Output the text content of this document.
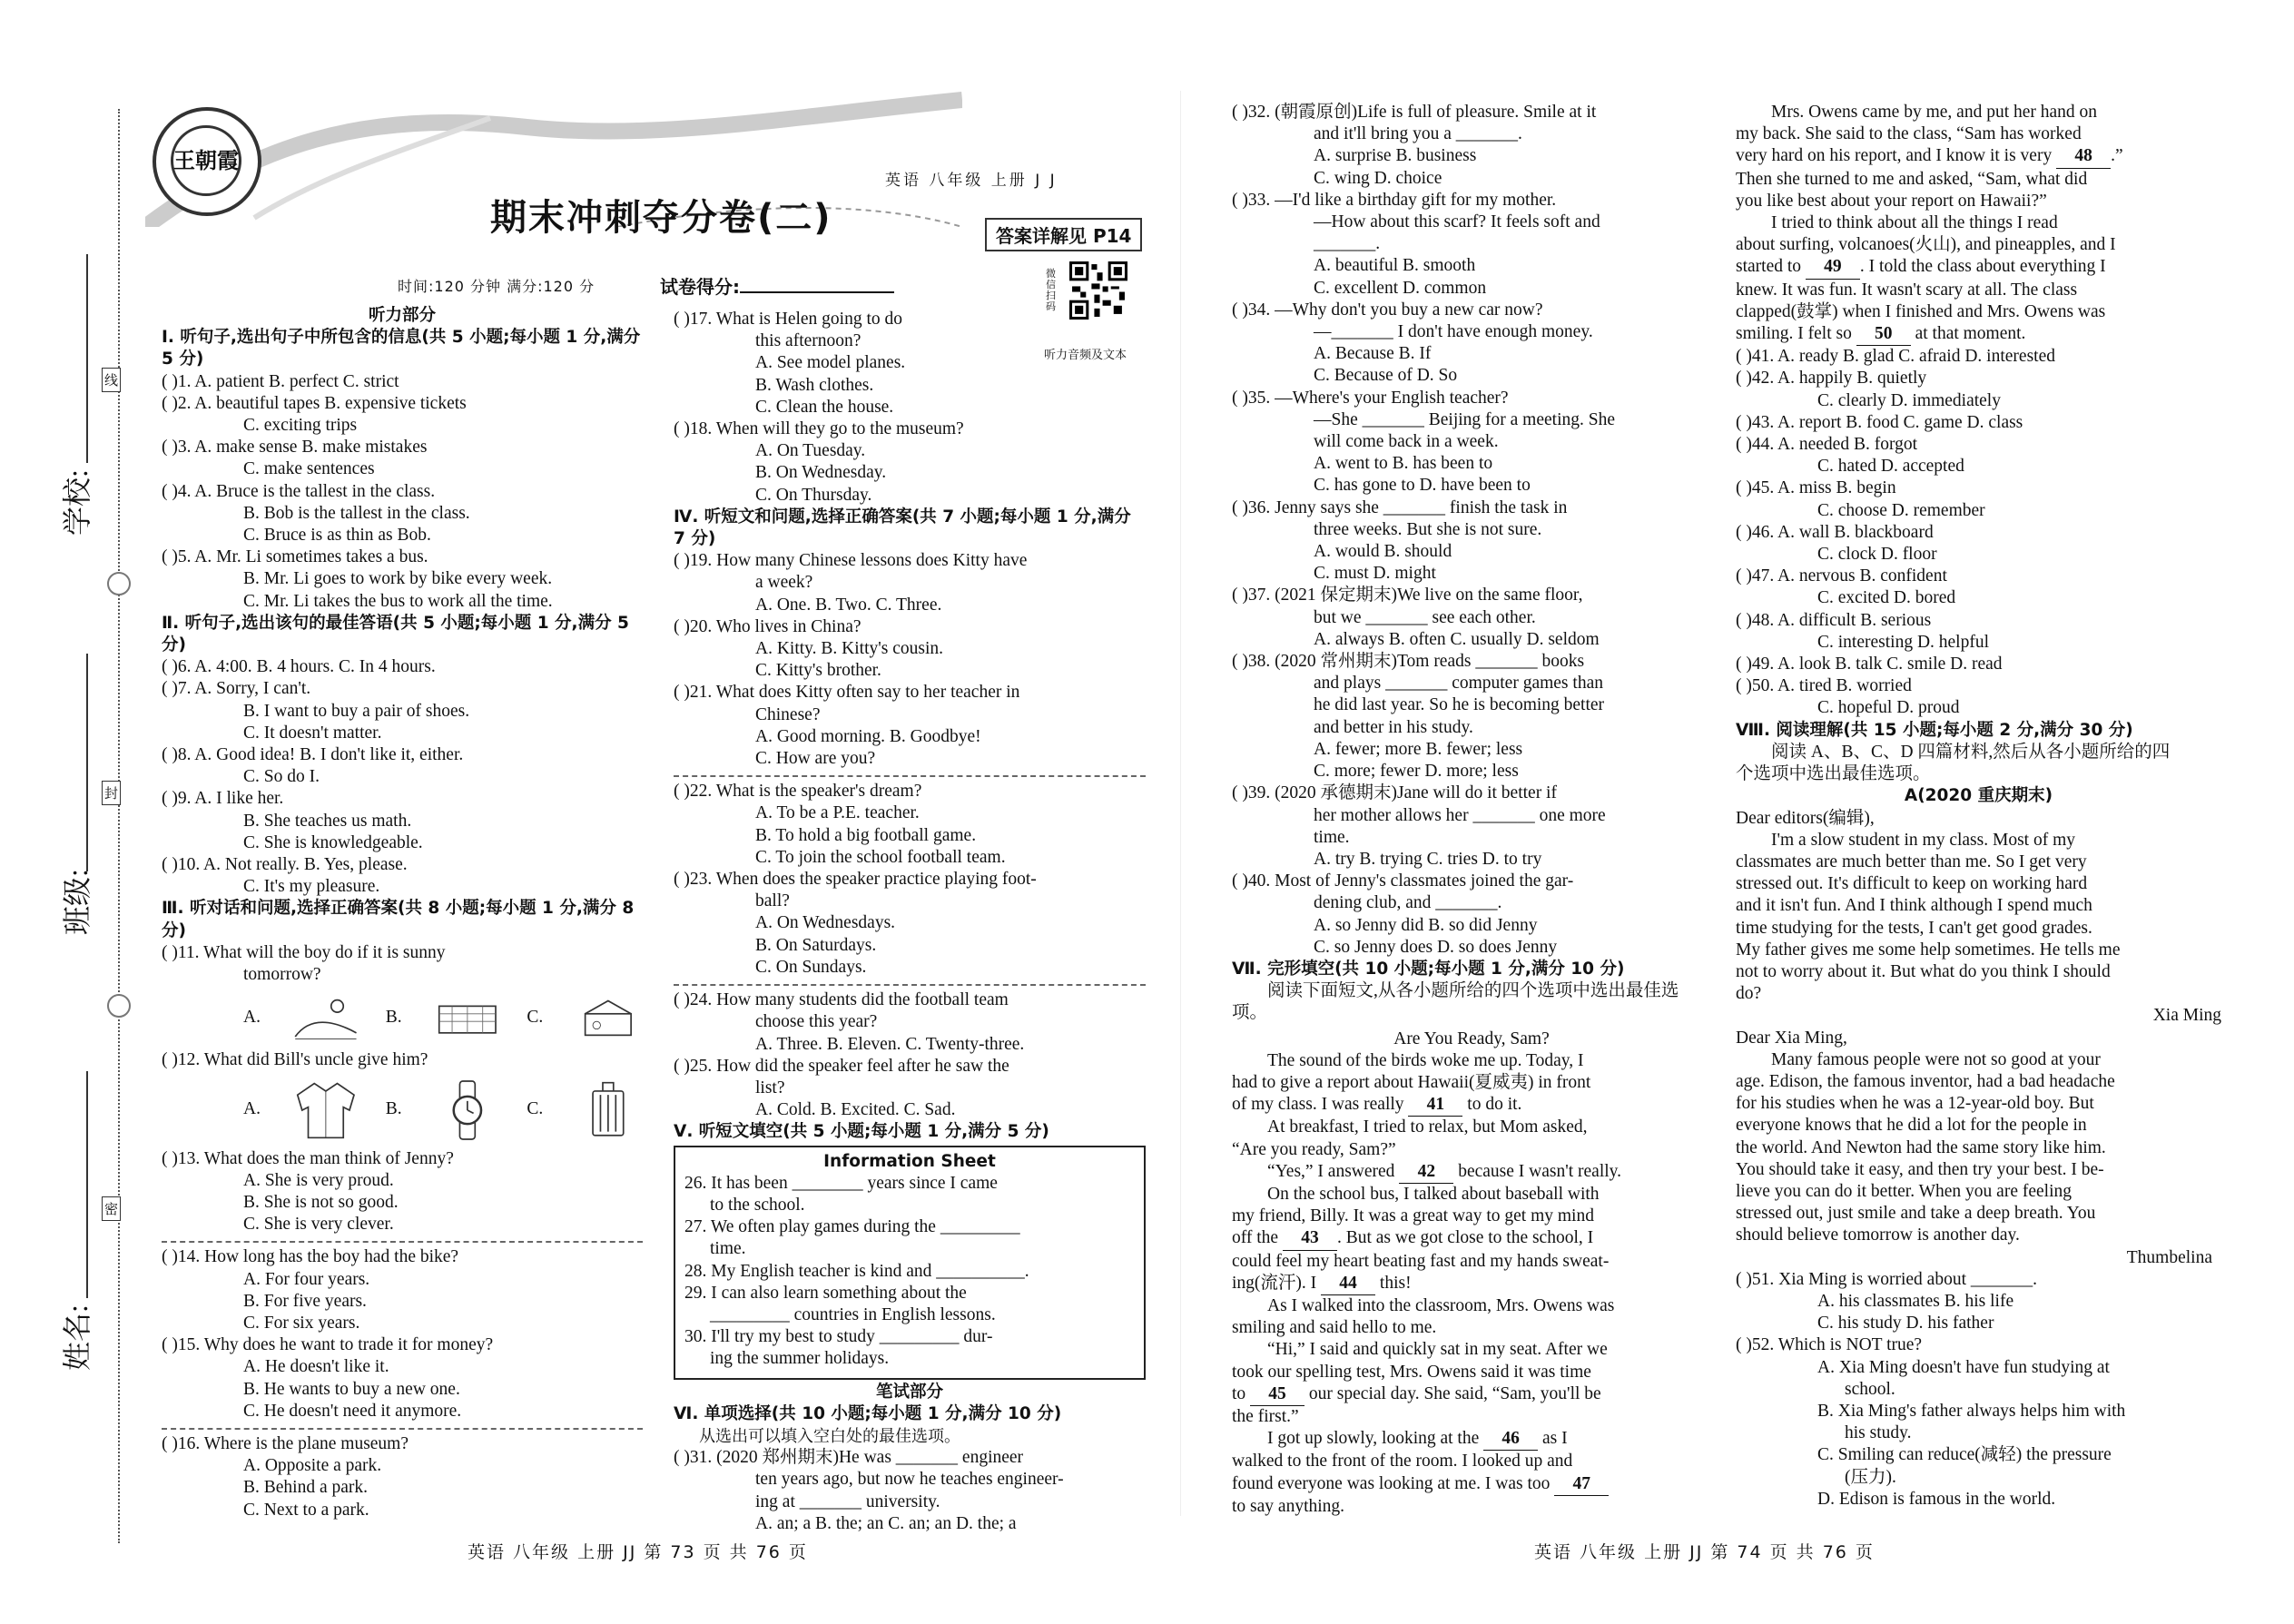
学校:
班级:
姓名:
线
封
密
王朝霞
英语 八年级 上册 J J
期末冲刺夺分卷(二)	答案详解见 P14
时间:120 分钟 满分:120 分	试卷得分:
微信扫码
听力音频及文本
听力部分
Ⅰ. 听句子,选出句子中所包含的信息(共 5 小题;每小题 1 分,满分 5 分)
( )1. A. patient B. perfect C. strict
( )2. A. beautiful tapes B. expensive tickets
C. exciting trips
( )3. A. make sense B. make mistakes
C. make sentences
( )4. A. Bruce is the tallest in the class.
B. Bob is the tallest in the class.
C. Bruce is as thin as Bob.
( )5. A. Mr. Li sometimes takes a bus.
B. Mr. Li goes to work by bike every week.
C. Mr. Li takes the bus to work all the time.
Ⅱ. 听句子,选出该句的最佳答语(共 5 小题;每小题 1 分,满分 5 分)
( )6. A. 4:00. B. 4 hours. C. In 4 hours.
( )7. A. Sorry, I can't.
B. I want to buy a pair of shoes.
C. It doesn't matter.
( )8. A. Good idea! B. I don't like it, either.
C. So do I.
( )9. A. I like her.
B. She teaches us math.
C. She is knowledgeable.
( )10. A. Not really. B. Yes, please.
C. It's my pleasure.
Ⅲ. 听对话和问题,选择正确答案(共 8 小题;每小题 1 分,满分 8 分)
( )11. What will the boy do if it is sunny
tomorrow?
A.	B.	C.
( )12. What did Bill's uncle give him?
A.	B.	C.
( )13. What does the man think of Jenny?
A. She is very proud.
B. She is not so good.
C. She is very clever.
( )14. How long has the boy had the bike?
A. For four years.
B. For five years.
C. For six years.
( )15. Why does he want to trade it for money?
A. He doesn't like it.
B. He wants to buy a new one.
C. He doesn't need it anymore.
( )16. Where is the plane museum?
A. Opposite a park.
B. Behind a park.
C. Next to a park.
( )17. What is Helen going to do
this afternoon?
A. See model planes.
B. Wash clothes.
C. Clean the house.
( )18. When will they go to the museum?
A. On Tuesday.
B. On Wednesday.
C. On Thursday.
Ⅳ. 听短文和问题,选择正确答案(共 7 小题;每小题 1 分,满分 7 分)
( )19. How many Chinese lessons does Kitty have
a week?
A. One. B. Two. C. Three.
( )20. Who lives in China?
A. Kitty. B. Kitty's cousin.
C. Kitty's brother.
( )21. What does Kitty often say to her teacher in
Chinese?
A. Good morning. B. Goodbye!
C. How are you?
( )22. What is the speaker's dream?
A. To be a P.E. teacher.
B. To hold a big football game.
C. To join the school football team.
( )23. When does the speaker practice playing foot-
ball?
A. On Wednesdays.
B. On Saturdays.
C. On Sundays.
( )24. How many students did the football team
choose this year?
A. Three. B. Eleven. C. Twenty-three.
( )25. How did the speaker feel after he saw the
list?
A. Cold. B. Excited. C. Sad.
Ⅴ. 听短文填空(共 5 小题;每小题 1 分,满分 5 分)
Information Sheet
26. It has been ________ years since I came
to the school.
27. We often play games during the _________
time.
28. My English teacher is kind and __________.
29. I can also learn something about the
_________ countries in English lessons.
30. I'll try my best to study _________ dur-
ing the summer holidays.
笔试部分
Ⅵ. 单项选择(共 10 小题;每小题 1 分,满分 10 分)
从选出可以填入空白处的最佳选项。
( )31. (2020 郑州期末)He was _______ engineer
ten years ago, but now he teaches engineer-
ing at _______ university.
A. an; a B. the; an C. an; an D. the; a
( )32. (朝霞原创)Life is full of pleasure. Smile at it
and it'll bring you a _______.
A. surprise B. business
C. wing D. choice
( )33. —I'd like a birthday gift for my mother.
—How about this scarf? It feels soft and
_______.
A. beautiful B. smooth
C. excellent D. common
( )34. —Why don't you buy a new car now?
—_______ I don't have enough money.
A. Because B. If
C. Because of D. So
( )35. —Where's your English teacher?
—She _______ Beijing for a meeting. She
will come back in a week.
A. went to B. has been to
C. has gone to D. have been to
( )36. Jenny says she _______ finish the task in
three weeks. But she is not sure.
A. would B. should
C. must D. might
( )37. (2021 保定期末)We live on the same floor,
but we _______ see each other.
A. always B. often C. usually D. seldom
( )38. (2020 常州期末)Tom reads _______ books
and plays _______ computer games than
he did last year. So he is becoming better
and better in his study.
A. fewer; more B. fewer; less
C. more; fewer D. more; less
( )39. (2020 承德期末)Jane will do it better if
her mother allows her _______ one more
time.
A. try B. trying C. tries D. to try
( )40. Most of Jenny's classmates joined the gar-
dening club, and _______.
A. so Jenny did B. so did Jenny
C. so Jenny does D. so does Jenny
Ⅶ. 完形填空(共 10 小题;每小题 1 分,满分 10 分)
阅读下面短文,从各小题所给的四个选项中选出最佳选项。
Are You Ready, Sam?
The sound of the birds woke me up. Today, I
had to give a report about Hawaii(夏威夷) in front
of my class. I was really 41 to do it.
At breakfast, I tried to relax, but Mom asked,
“Are you ready, Sam?”
“Yes,” I answered 42 because I wasn't really.
On the school bus, I talked about baseball with
my friend, Billy. It was a great way to get my mind
off the 43 . But as we got close to the school, I
could feel my heart beating fast and my hands sweat-
ing(流汗). I 44 this!
As I walked into the classroom, Mrs. Owens was
smiling and said hello to me.
“Hi,” I said and quickly sat in my seat. After we
took our spelling test, Mrs. Owens said it was time
to 45 our special day. She said, “Sam, you'll be
the first.”
I got up slowly, looking at the 46 as I
walked to the front of the room. I looked up and
found everyone was looking at me. I was too 47
to say anything.
Mrs. Owens came by me, and put her hand on
my back. She said to the class, “Sam has worked
very hard on his report, and I know it is very 48 .”
Then she turned to me and asked, “Sam, what did
you like best about your report on Hawaii?”
I tried to think about all the things I read
about surfing, volcanoes(火山), and pineapples, and I
started to 49 . I told the class about everything I
knew. It was fun. It wasn't scary at all. The class
clapped(鼓掌) when I finished and Mrs. Owens was
smiling. I felt so 50 at that moment.
( )41. A. ready B. glad C. afraid D. interested
( )42. A. happily B. quietly
C. clearly D. immediately
( )43. A. report B. food C. game D. class
( )44. A. needed B. forgot
C. hated D. accepted
( )45. A. miss B. begin
C. choose D. remember
( )46. A. wall B. blackboard
C. clock D. floor
( )47. A. nervous B. confident
C. excited D. bored
( )48. A. difficult B. serious
C. interesting D. helpful
( )49. A. look B. talk C. smile D. read
( )50. A. tired B. worried
C. hopeful D. proud
Ⅷ. 阅读理解(共 15 小题;每小题 2 分,满分 30 分)
阅读 A、B、C、D 四篇材料,然后从各小题所给的四
个选项中选出最佳选项。
A(2020 重庆期末)
Dear editors(编辑),
I'm a slow student in my class. Most of my
classmates are much better than me. So I get very
stressed out. It's difficult to keep on working hard
and it isn't fun. And I think although I spend much
time studying for the tests, I can't get good grades.
My father gives me some help sometimes. He tells me
not to worry about it. But what do you think I should
do?
Xia Ming
Dear Xia Ming,
Many famous people were not so good at your
age. Edison, the famous inventor, had a bad headache
for his studies when he was a 12-year-old boy. But
everyone knows that he did a lot for the people in
the world. And Newton had the same story like him.
You should take it easy, and then try your best. I be-
lieve you can do it better. When you are feeling
stressed out, just smile and take a deep breath. You
should believe tomorrow is another day.
Thumbelina
( )51. Xia Ming is worried about _______.
A. his classmates B. his life
C. his study D. his father
( )52. Which is NOT true?
A. Xia Ming doesn't have fun studying at
school.
B. Xia Ming's father always helps him with
his study.
C. Smiling can reduce(减轻) the pressure
(压力).
D. Edison is famous in the world.
英语 八年级 上册 JJ 第 73 页 共 76 页	英语 八年级 上册 JJ 第 74 页 共 76 页
